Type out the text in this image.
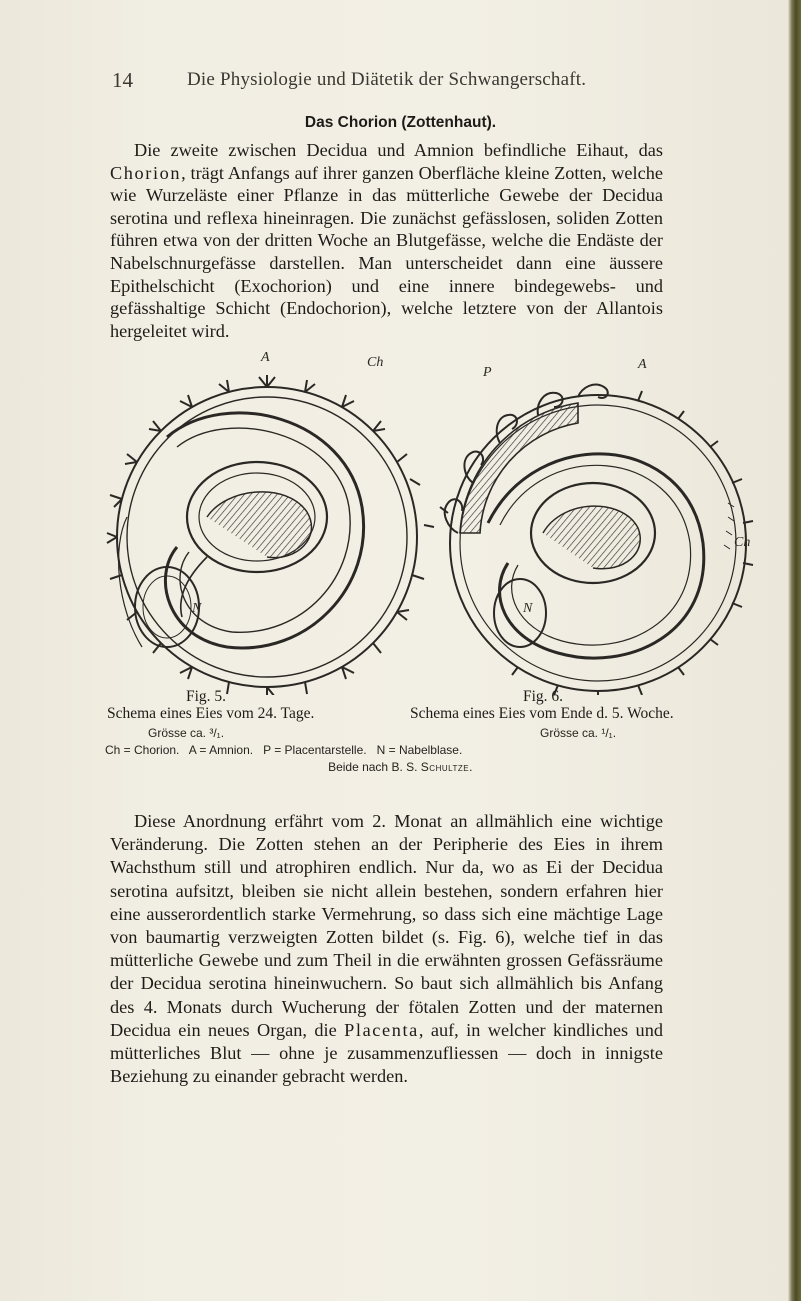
14	Die Physiologie und Diätetik der Schwangerschaft.
Das Chorion (Zottenhaut).
Die zweite zwischen Decidua und Amnion befindliche Eihaut, das Chorion, trägt Anfangs auf ihrer ganzen Oberfläche kleine Zotten, welche wie Wurzeläste einer Pflanze in das mütterliche Gewebe der Decidua serotina und reflexa hineinragen. Die zunächst gefässlosen, soliden Zotten führen etwa von der dritten Woche an Blutgefässe, welche die Endäste der Nabelschnurgefässe darstellen. Man unterscheidet dann eine äussere Epithelschicht (Exochorion) und eine innere bindegewebs- und gefässhaltige Schicht (Endochorion), welche letztere von der Allantois hergeleitet wird.
A	Ch
N
A
P
Ch
N
Fig. 5.	Fig. 6.
Schema eines Eies vom 24. Tage.	Schema eines Eies vom Ende d. 5. Woche.
Grösse ca. ³/₁.	Grösse ca. ¹/₁.
Ch = Chorion.   A = Amnion.   P = Placentarstelle.   N = Nabelblase.
Beide nach B. S. Schultze.
Diese Anordnung erfährt vom 2. Monat an allmählich eine wichtige Veränderung. Die Zotten stehen an der Peripherie des Eies in ihrem Wachsthum still und atrophiren endlich. Nur da, wo as Ei der Decidua serotina aufsitzt, bleiben sie nicht allein bestehen, sondern erfahren hier eine ausserordentlich starke Vermehrung, so dass sich eine mächtige Lage von baumartig verzweigten Zotten bildet (s. Fig. 6), welche tief in das mütterliche Gewebe und zum Theil in die erwähnten grossen Gefässräume der Decidua serotina hineinwuchern. So baut sich allmählich bis Anfang des 4. Monats durch Wucherung der fötalen Zotten und der maternen Decidua ein neues Organ, die Placenta, auf, in welcher kindliches und mütterliches Blut — ohne je zusammenzufliessen — doch in innigste Beziehung zu einander gebracht werden.
